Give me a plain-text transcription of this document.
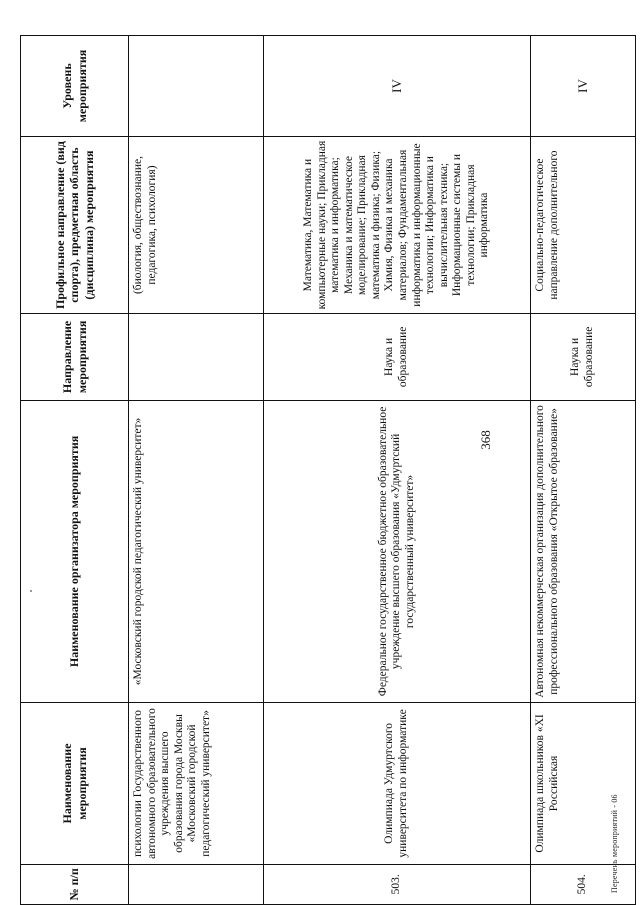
368
№ п/п	Наименование мероприятия	Наименование организатора мероприятия	Направление мероприятия	Профильное направление (вид спорта), предметная область (дисциплина) мероприятия	Уровень мероприятия
	психологии Государственного автономного образовательного учреждения высшего образования города Москвы «Московский городской педагогический университет»	«Московский городской педагогический университет»		(биология, обществознание, педагогика, психология)	
503.	Олимпиада Удмуртского университета по информатике	Федеральное государственное бюджетное образовательное учреждение высшего образования «Удмуртский государственный университет»	Наука и образование	Математика, Математика и компьютерные науки; Прикладная математика и информатика; Механика и математическое моделирование; Прикладная математика и физика; Физика; Химия, Физика и механика материалов; Фундаментальная информатика и информационные технологии; Информатика и вычислительная техника; Информационные системы и технологии; Прикладная информатика	IV
504.	Олимпиада школьников «XI Российская	Автономная некоммерческая организация дополнительного профессионального образования «Открытое образование»	Наука и образование	Социально-педагогическое направление дополнительного	IV
Перечень мероприятий - 06
